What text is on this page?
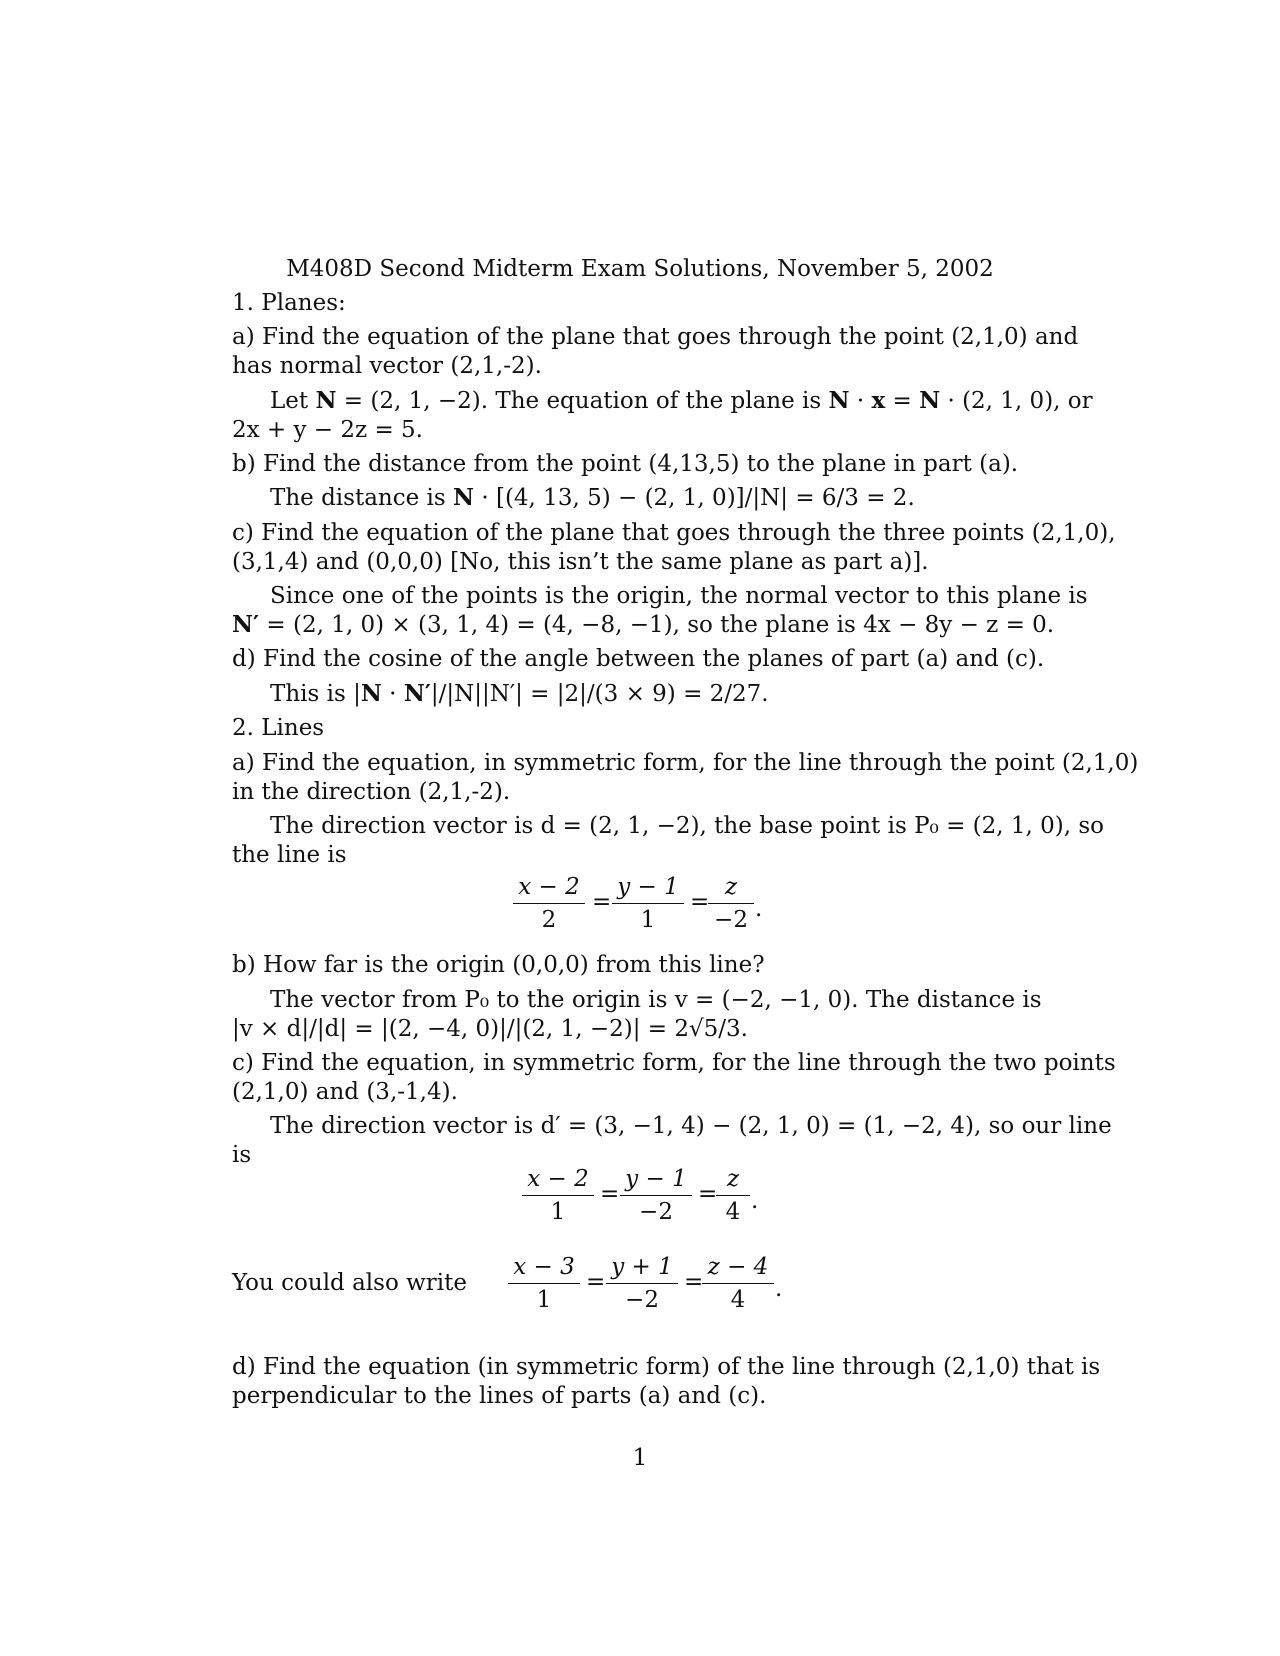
M408D Second Midterm Exam Solutions, November 5, 2002
1. Planes:
a) Find the equation of the plane that goes through the point (2,1,0) and
has normal vector (2,1,-2).
Let N = (2, 1, −2). The equation of the plane is N · x = N · (2, 1, 0), or
2x + y − 2z = 5.
b) Find the distance from the point (4,13,5) to the plane in part (a).
The distance is N · [(4, 13, 5) − (2, 1, 0)]/|N| = 6/3 = 2.
c) Find the equation of the plane that goes through the three points (2,1,0),
(3,1,4) and (0,0,0) [No, this isn’t the same plane as part a)].
Since one of the points is the origin, the normal vector to this plane is
N′ = (2, 1, 0) × (3, 1, 4) = (4, −8, −1), so the plane is 4x − 8y − z = 0.
d) Find the cosine of the angle between the planes of part (a) and (c).
This is |N · N′|/|N||N′| = |2|/(3 × 9) = 2/27.
2. Lines
a) Find the equation, in symmetric form, for the line through the point (2,1,0)
in the direction (2,1,-2).
The direction vector is d = (2, 1, −2), the base point is P₀ = (2, 1, 0), so
the line is
$\frac{x - 2}{2} = \frac{y - 1}{1}$ =
$\frac{z}{-2}$ .
b) How far is the origin (0,0,0) from this line?
The vector from P₀ to the origin is v = (−2, −1, 0). The distance is
|v × d|/|d| = |(2, −4, 0)|/|(2, 1, −2)| = 2√5/3.
c) Find the equation, in symmetric form, for the line through the two points
(2,1,0) and (3,-1,4).
The direction vector is d′ = (3, −1, 4) − (2, 1, 0) = (1, −2, 4), so our line
is
$\frac{x - 2}{1} = \frac{y - 1}{-2}$ =
$\frac{z}{4}$ .
You could also write $\frac{x - 3}{1} = \frac{y + 1}{-2}$ =
$\frac{z - 4}{4}$ .
d) Find the equation (in symmetric form) of the line through (2,1,0) that is
perpendicular to the lines of parts (a) and (c).
1
